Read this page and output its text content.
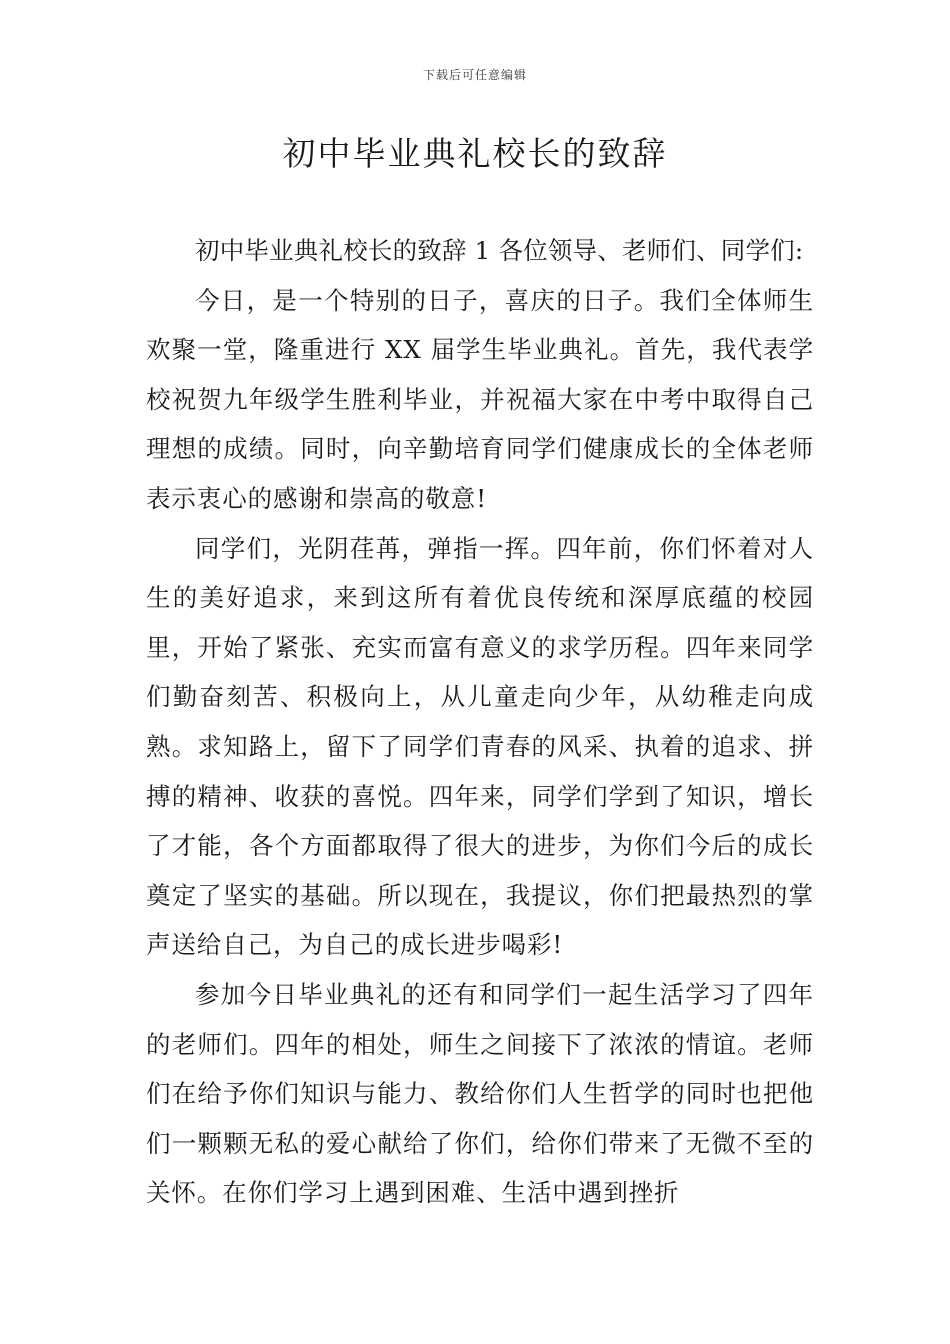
下载后可任意编辑
初中毕业典礼校长的致辞

初中毕业典礼校长的致辞 1 各位领导、老师们、同学们:

今日，是一个特别的日子，喜庆的日子。我们全体师生欢聚一堂，隆重进行 XX 届学生毕业典礼。首先，我代表学校祝贺九年级学生胜利毕业，并祝福大家在中考中取得自己理想的成绩。同时，向辛勤培育同学们健康成长的全体老师表示衷心的感谢和崇高的敬意!

同学们，光阴荏苒，弹指一挥。四年前，你们怀着对人生的美好追求，来到这所有着优良传统和深厚底蕴的校园里，开始了紧张、充实而富有意义的求学历程。四年来同学们勤奋刻苦、积极向上，从儿童走向少年，从幼稚走向成熟。求知路上，留下了同学们青春的风采、执着的追求、拼搏的精神、收获的喜悦。四年来，同学们学到了知识，增长了才能，各个方面都取得了很大的进步，为你们今后的成长奠定了坚实的基础。所以现在，我提议，你们把最热烈的掌声送给自己，为自己的成长进步喝彩!

参加今日毕业典礼的还有和同学们一起生活学习了四年的老师们。四年的相处，师生之间接下了浓浓的情谊。老师们在给予你们知识与能力、教给你们人生哲学的同时也把他们一颗颗无私的爱心献给了你们，给你们带来了无微不至的关怀。在你们学习上遇到困难、生活中遇到挫折
